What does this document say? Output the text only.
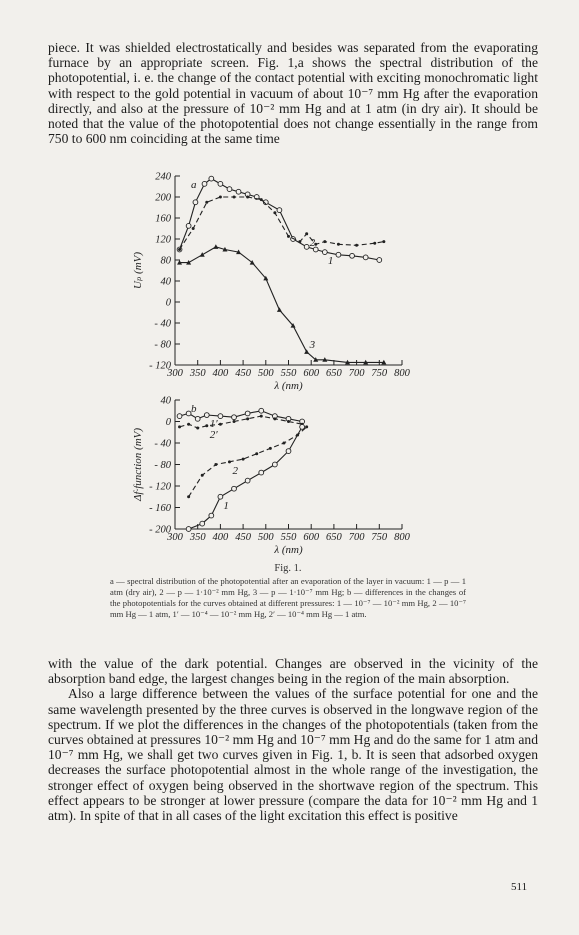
piece. It was shielded electrostatically and besides was separated from the evaporating furnace by an appropriate screen. Fig. 1,a shows the spectral distribution of the photopotential, i. e. the change of the contact potential with exciting monochromatic light with respect to the gold potential in vacuum of about 10⁻⁷ mm Hg after the evaporation directly, and also at the pressure of 10⁻² mm Hg and at 1 atm (in dry air). It should be noted that the value of the photopotential does not change essentially in the range from 750 to 600 nm coinciding at the same time

240
200
160
120
80
40
0
- 40
- 80
- 120
300 350 400 450 500 550 600 650 700 750 800
λ (nm)
Uₚ (mV)
a
1
2
3
40
0
- 40
- 80
- 120
- 160
- 200
300 350 400 450 500 550 600 650 700 750 800
λ (nm)
Δf·function (mV)
b
1′
2′
2
1
Fig. 1.
a — spectral distribution of the photopotential after an evaporation of the layer in vacuum: 1 — p — 1 atm (dry air), 2 — p — 1·10⁻² mm Hg, 3 — p — 1·10⁻⁷ mm Hg; b — differences in the changes of the photopotentials for the curves obtained at different pressures: 1 — 10⁻⁷ — 10⁻² mm Hg, 2 — 10⁻⁷ mm Hg — 1 atm, 1′ — 10⁻⁴ — 10⁻² mm Hg, 2′ — 10⁻⁴ mm Hg — 1 atm.

with the value of the dark potential. Changes are observed in the vicinity of the absorption band edge, the largest changes being in the region of the main absorption.

Also a large difference between the values of the surface potential for one and the same wavelength presented by the three curves is observed in the longwave region of the spectrum. If we plot the differences in the changes of the photopotentials (taken from the curves obtained at pressures 10⁻² mm Hg and 10⁻⁷ mm Hg and do the same for 1 atm and 10⁻⁷ mm Hg, we shall get two curves given in Fig. 1, b. It is seen that adsorbed oxygen decreases the surface photopotential almost in the whole range of the investigation, the stronger effect of oxygen being observed in the shortwave region of the spectrum. This effect appears to be stronger at lower pressure (compare the data for 10⁻² mm Hg and 1 atm). In spite of that in all cases of the light excitation this effect is positive

511
